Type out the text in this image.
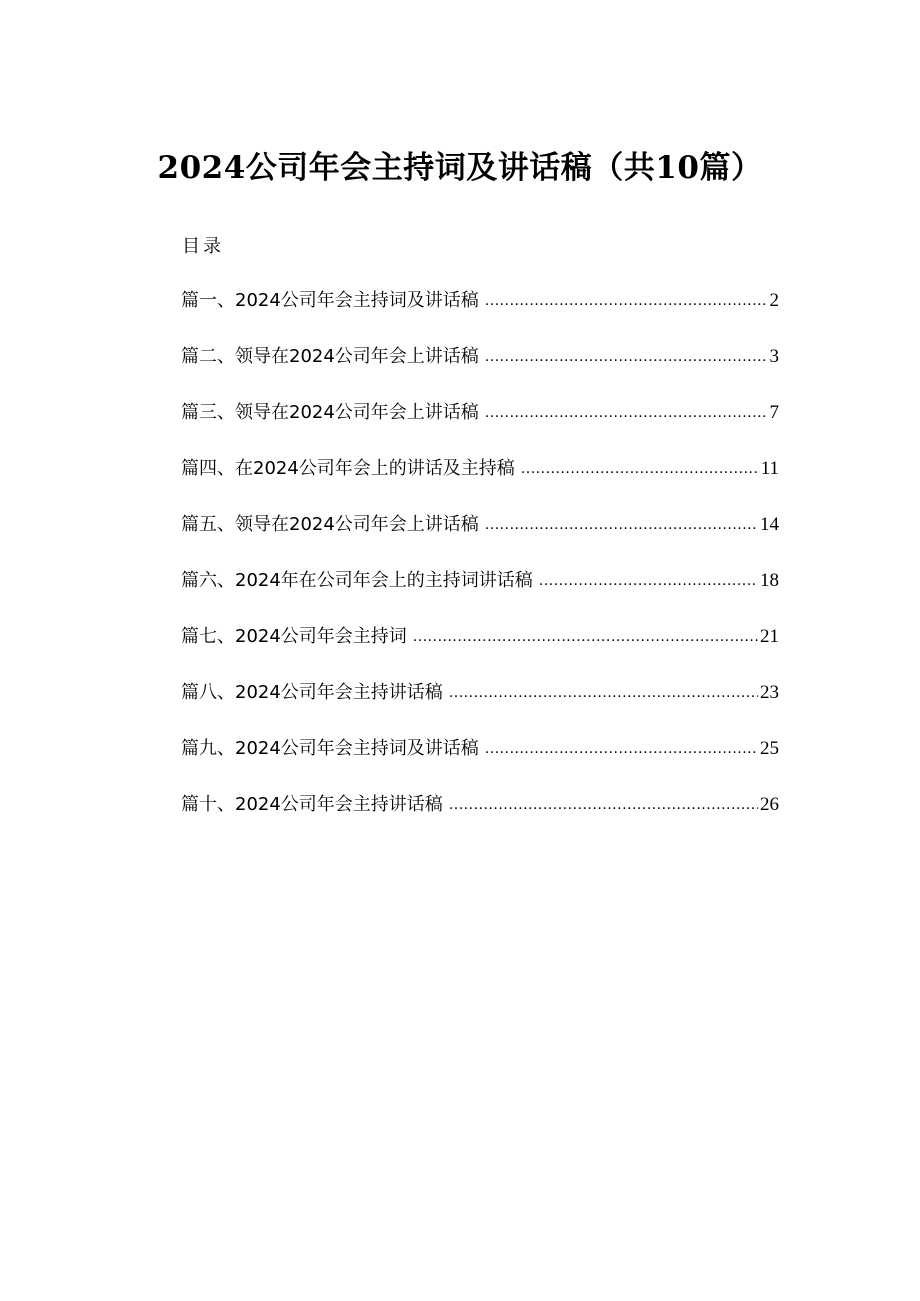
2024公司年会主持词及讲话稿（共10篇）
目录
篇一、2024公司年会主持词及讲话稿 .....	2
篇二、领导在2024公司年会上讲话稿 .....	3
篇三、领导在2024公司年会上讲话稿 .....	7
篇四、在2024公司年会上的讲话及主持稿 .....	11
篇五、领导在2024公司年会上讲话稿 .....	14
篇六、2024年在公司年会上的主持词讲话稿 .....	18
篇七、2024公司年会主持词 .....	21
篇八、2024公司年会主持讲话稿 .....	23
篇九、2024公司年会主持词及讲话稿 .....	25
篇十、2024公司年会主持讲话稿 .....	26
